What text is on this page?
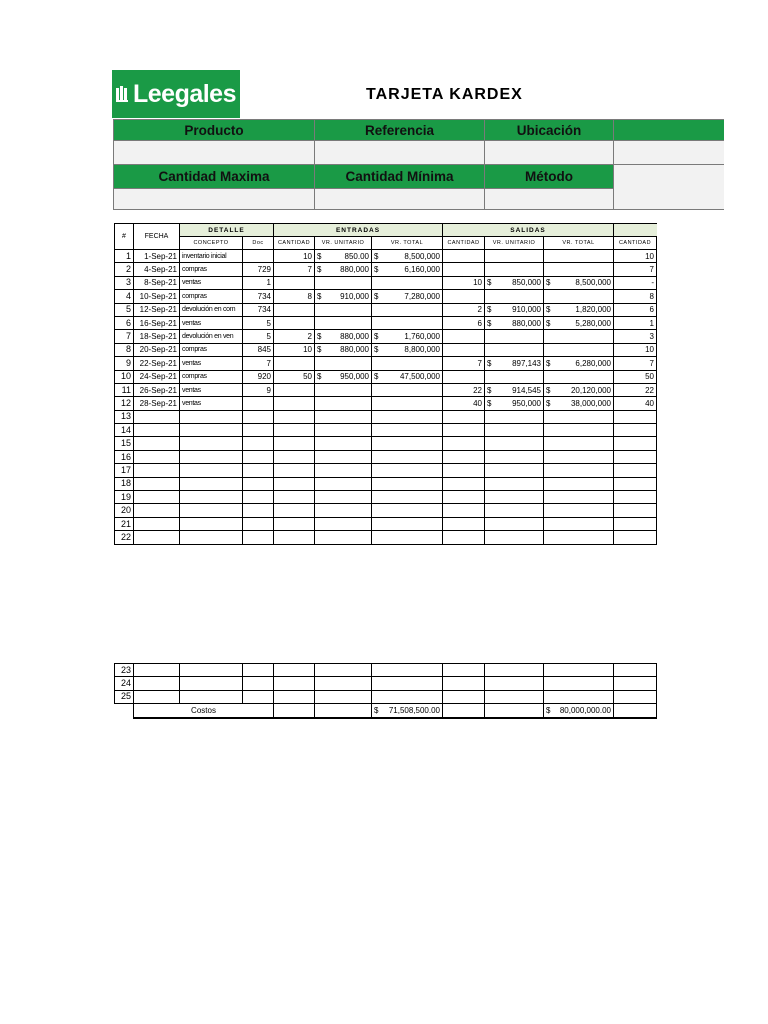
Leegales	TARJETA KARDEX
Producto	Referencia	Ubicación	

Cantidad Maxima	Cantidad Mínima	Método	

#	FECHA	DETALLE		ENTRADAS			SALIDAS			
		CONCEPTO	Doc	CANTIDAD	VR. UNITARIO	VR. TOTAL	CANTIDAD	VR. UNITARIO	VR. TOTAL	CANTIDAD
1	1-Sep-21	inventario inicial		10	$ 850.00	$ 8,500,000				10
2	4-Sep-21	compras	729	7	$ 880,000	$ 6,160,000				7
3	8-Sep-21	ventas	1				10	$ 850,000	$ 8,500,000	-
4	10-Sep-21	compras	734	8	$ 910,000	$ 7,280,000				8
5	12-Sep-21	devolución en com	734				2	$ 910,000	$ 1,820,000	6
6	16-Sep-21	ventas	5				6	$ 880,000	$ 5,280,000	1
7	18-Sep-21	devolución en ven	5	2	$ 880,000	$ 1,760,000				3
8	20-Sep-21	compras	845	10	$ 880,000	$ 8,800,000				10
9	22-Sep-21	ventas	7				7	$ 897,143	$ 6,280,000	7
10	24-Sep-21	compras	920	50	$ 950,000	$ 47,500,000				50
11	26-Sep-21	ventas	9				22	$ 914,545	$ 20,120,000	22
12	28-Sep-21	ventas					40	$ 950,000	$ 38,000,000	40
13										
14										
15										
16										
17										
18										
19										
20										
21										
22										
23										
24										
25										
	Costos					$ 71,508,500.00			$ 80,000,000.00	
